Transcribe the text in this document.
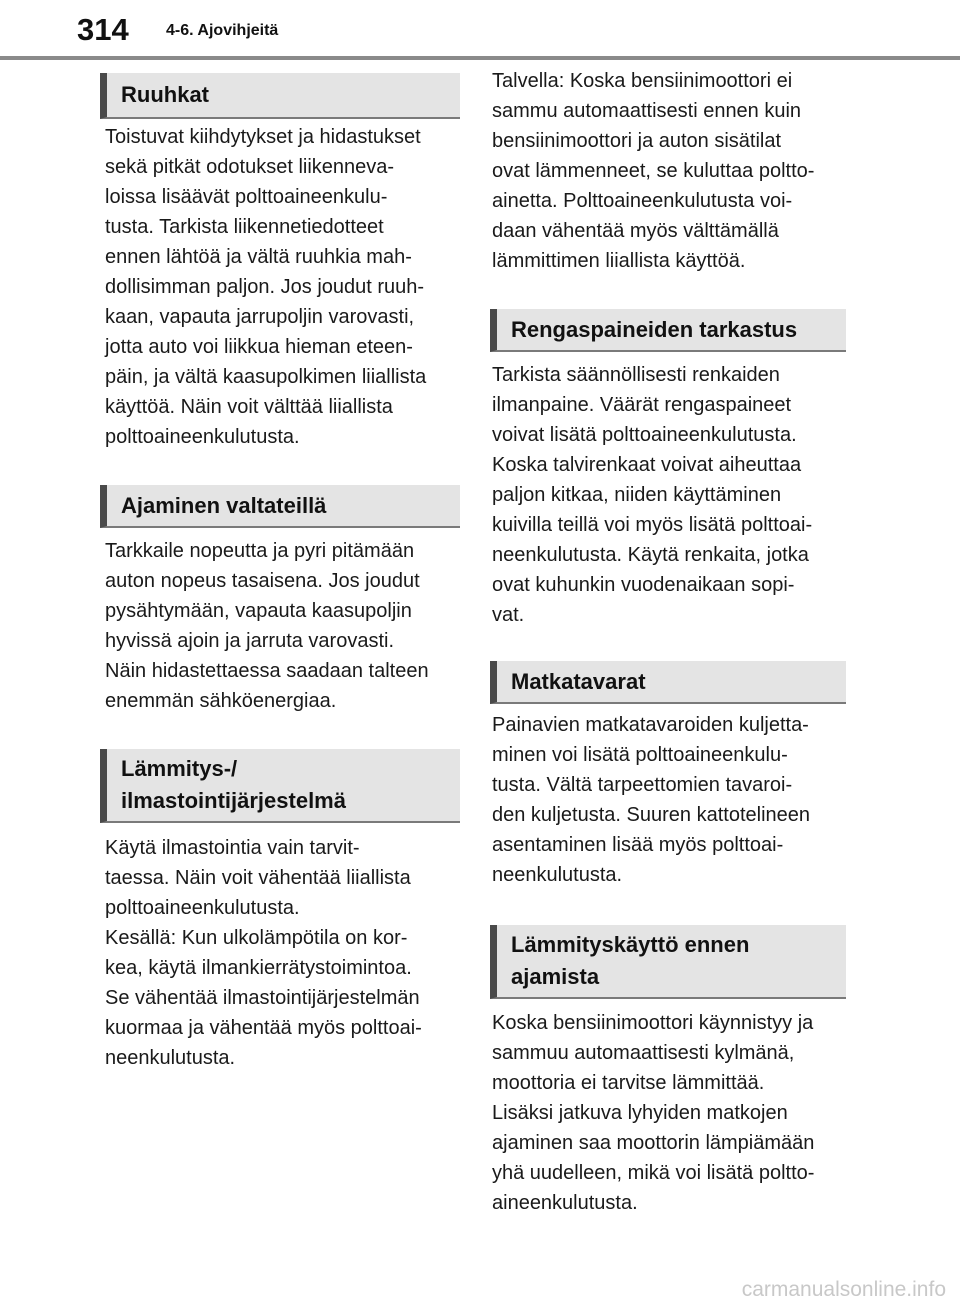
314 4-6. Ajovihjeitä
Ruuhkat

Toistuvat kiihdytykset ja hidastukset
sekä pitkät odotukset liikenneva-
loissa lisäävät polttoaineenkulu-
tusta. Tarkista liikennetiedotteet
ennen lähtöä ja vältä ruuhkia mah-
dollisimman paljon. Jos joudut ruuh-
kaan, vapauta jarrupoljin varovasti,
jotta auto voi liikkua hieman eteen-
päin, ja vältä kaasupolkimen liiallista
käyttöä. Näin voit välttää liiallista
polttoaineenkulutusta.

Ajaminen valtateillä

Tarkkaile nopeutta ja pyri pitämään
auton nopeus tasaisena. Jos joudut
pysähtymään, vapauta kaasupoljin
hyvissä ajoin ja jarruta varovasti.
Näin hidastettaessa saadaan talteen
enemmän sähköenergiaa.

Lämmitys-/
ilmastointijärjestelmä

Käytä ilmastointia vain tarvit-
taessa. Näin voit vähentää liiallista
polttoaineenkulutusta.
Kesällä: Kun ulkolämpötila on kor-
kea, käytä ilmankierrätystoimintoa.
Se vähentää ilmastointijärjestelmän
kuormaa ja vähentää myös polttoai-
neenkulutusta.

Talvella: Koska bensiinimoottori ei
sammu automaattisesti ennen kuin
bensiinimoottori ja auton sisätilat
ovat lämmenneet, se kuluttaa poltto-
ainetta. Polttoaineenkulutusta voi-
daan vähentää myös välttämällä
lämmittimen liiallista käyttöä.

Rengaspaineiden tarkastus

Tarkista säännöllisesti renkaiden
ilmanpaine. Väärät rengaspaineet
voivat lisätä polttoaineenkulutusta.
Koska talvirenkaat voivat aiheuttaa
paljon kitkaa, niiden käyttäminen
kuivilla teillä voi myös lisätä polttoai-
neenkulutusta. Käytä renkaita, jotka
ovat kuhunkin vuodenaikaan sopi-
vat.

Matkatavarat

Painavien matkatavaroiden kuljetta-
minen voi lisätä polttoaineenkulu-
tusta. Vältä tarpeettomien tavaroi-
den kuljetusta. Suuren kattotelineen
asentaminen lisää myös polttoai-
neenkulutusta.

Lämmityskäyttö ennen
ajamista

Koska bensiinimoottori käynnistyy ja
sammuu automaattisesti kylmänä,
moottoria ei tarvitse lämmittää.
Lisäksi jatkuva lyhyiden matkojen
ajaminen saa moottorin lämpiämään
yhä uudelleen, mikä voi lisätä poltto-
aineenkulutusta.

carmanualsonline.info
